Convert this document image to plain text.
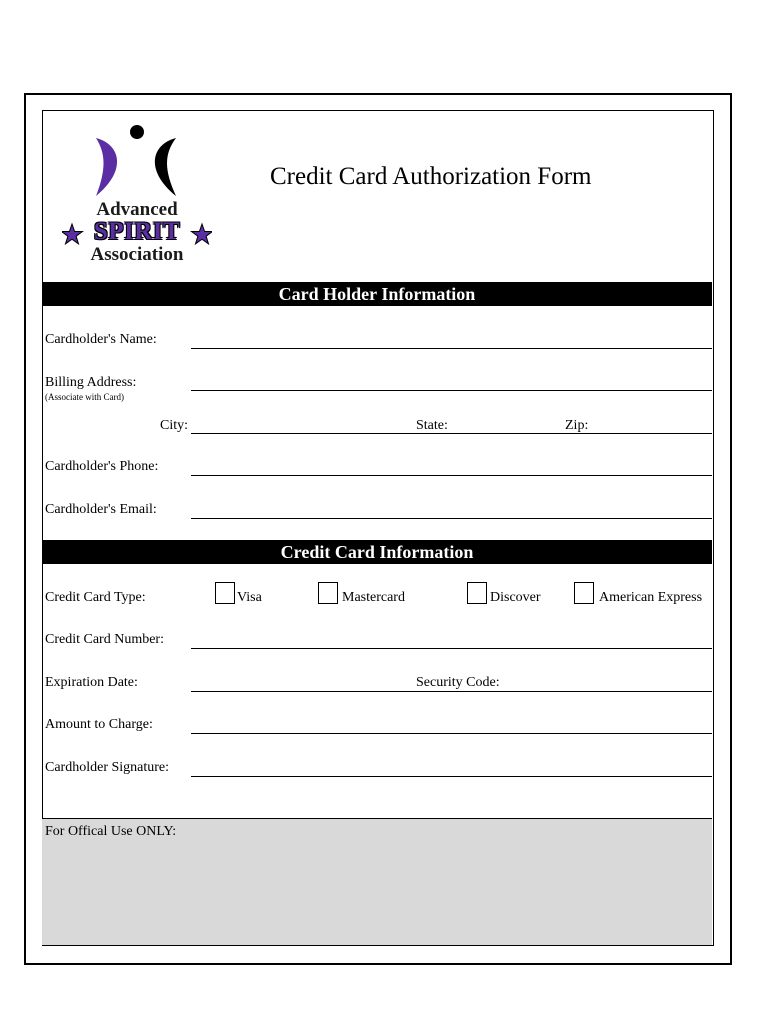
Advanced
SPIRIT
Association
Credit Card Authorization Form
Card Holder Information
Cardholder's Name:
Billing Address:
(Associate with Card)
City:	State:	Zip:
Cardholder's Phone:
Cardholder's Email:
Credit Card Information
Credit Card Type:	Visa	Mastercard	Discover	American Express
Credit Card Number:
Expiration Date:	Security Code:
Amount to Charge:
Cardholder Signature:
For Offical Use ONLY:
